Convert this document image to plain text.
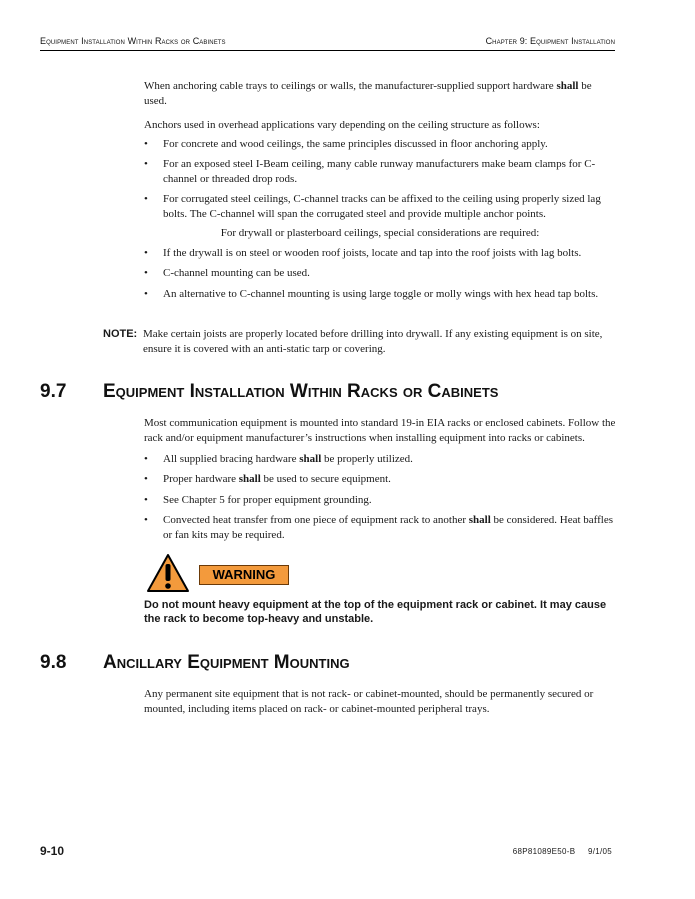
Equipment Installation Within Racks or Cabinets	Chapter 9: Equipment Installation

When anchoring cable trays to ceilings or walls, the manufacturer-supplied support hardware shall be used.

Anchors used in overhead applications vary depending on the ceiling structure as follows:

• For concrete and wood ceilings, the same principles discussed in floor anchoring apply.
• For an exposed steel I-Beam ceiling, many cable runway manufacturers make beam clamps for C-channel or threaded drop rods.
• For corrugated steel ceilings, C-channel tracks can be affixed to the ceiling using properly sized lag bolts. The C-channel will span the corrugated steel and provide multiple anchor points.

For drywall or plasterboard ceilings, special considerations are required:

• If the drywall is on steel or wooden roof joists, locate and tap into the roof joists with lag bolts.
• C-channel mounting can be used.
• An alternative to C-channel mounting is using large toggle or molly wings with hex head tap bolts.
NOTE: Make certain joists are properly located before drilling into drywall. If any existing equipment is on site, ensure it is covered with an anti-static tarp or covering.
9.7 Equipment Installation Within Racks or Cabinets

Most communication equipment is mounted into standard 19-in EIA racks or enclosed cabinets. Follow the rack and/or equipment manufacturer’s instructions when installing equipment into racks or cabinets.

• All supplied bracing hardware shall be properly utilized.
• Proper hardware shall be used to secure equipment.
• See Chapter 5 for proper equipment grounding.
• Convected heat transfer from one piece of equipment rack to another shall be considered. Heat baffles or fan kits may be required.
WARNING
Do not mount heavy equipment at the top of the equipment rack or cabinet. It may cause the rack to become top-heavy and unstable.
9.8 Ancillary Equipment Mounting

Any permanent site equipment that is not rack- or cabinet-mounted, should be permanently secured or mounted, including items placed on rack- or cabinet-mounted peripheral trays.

9-10	68P81089E50-B     9/1/05
